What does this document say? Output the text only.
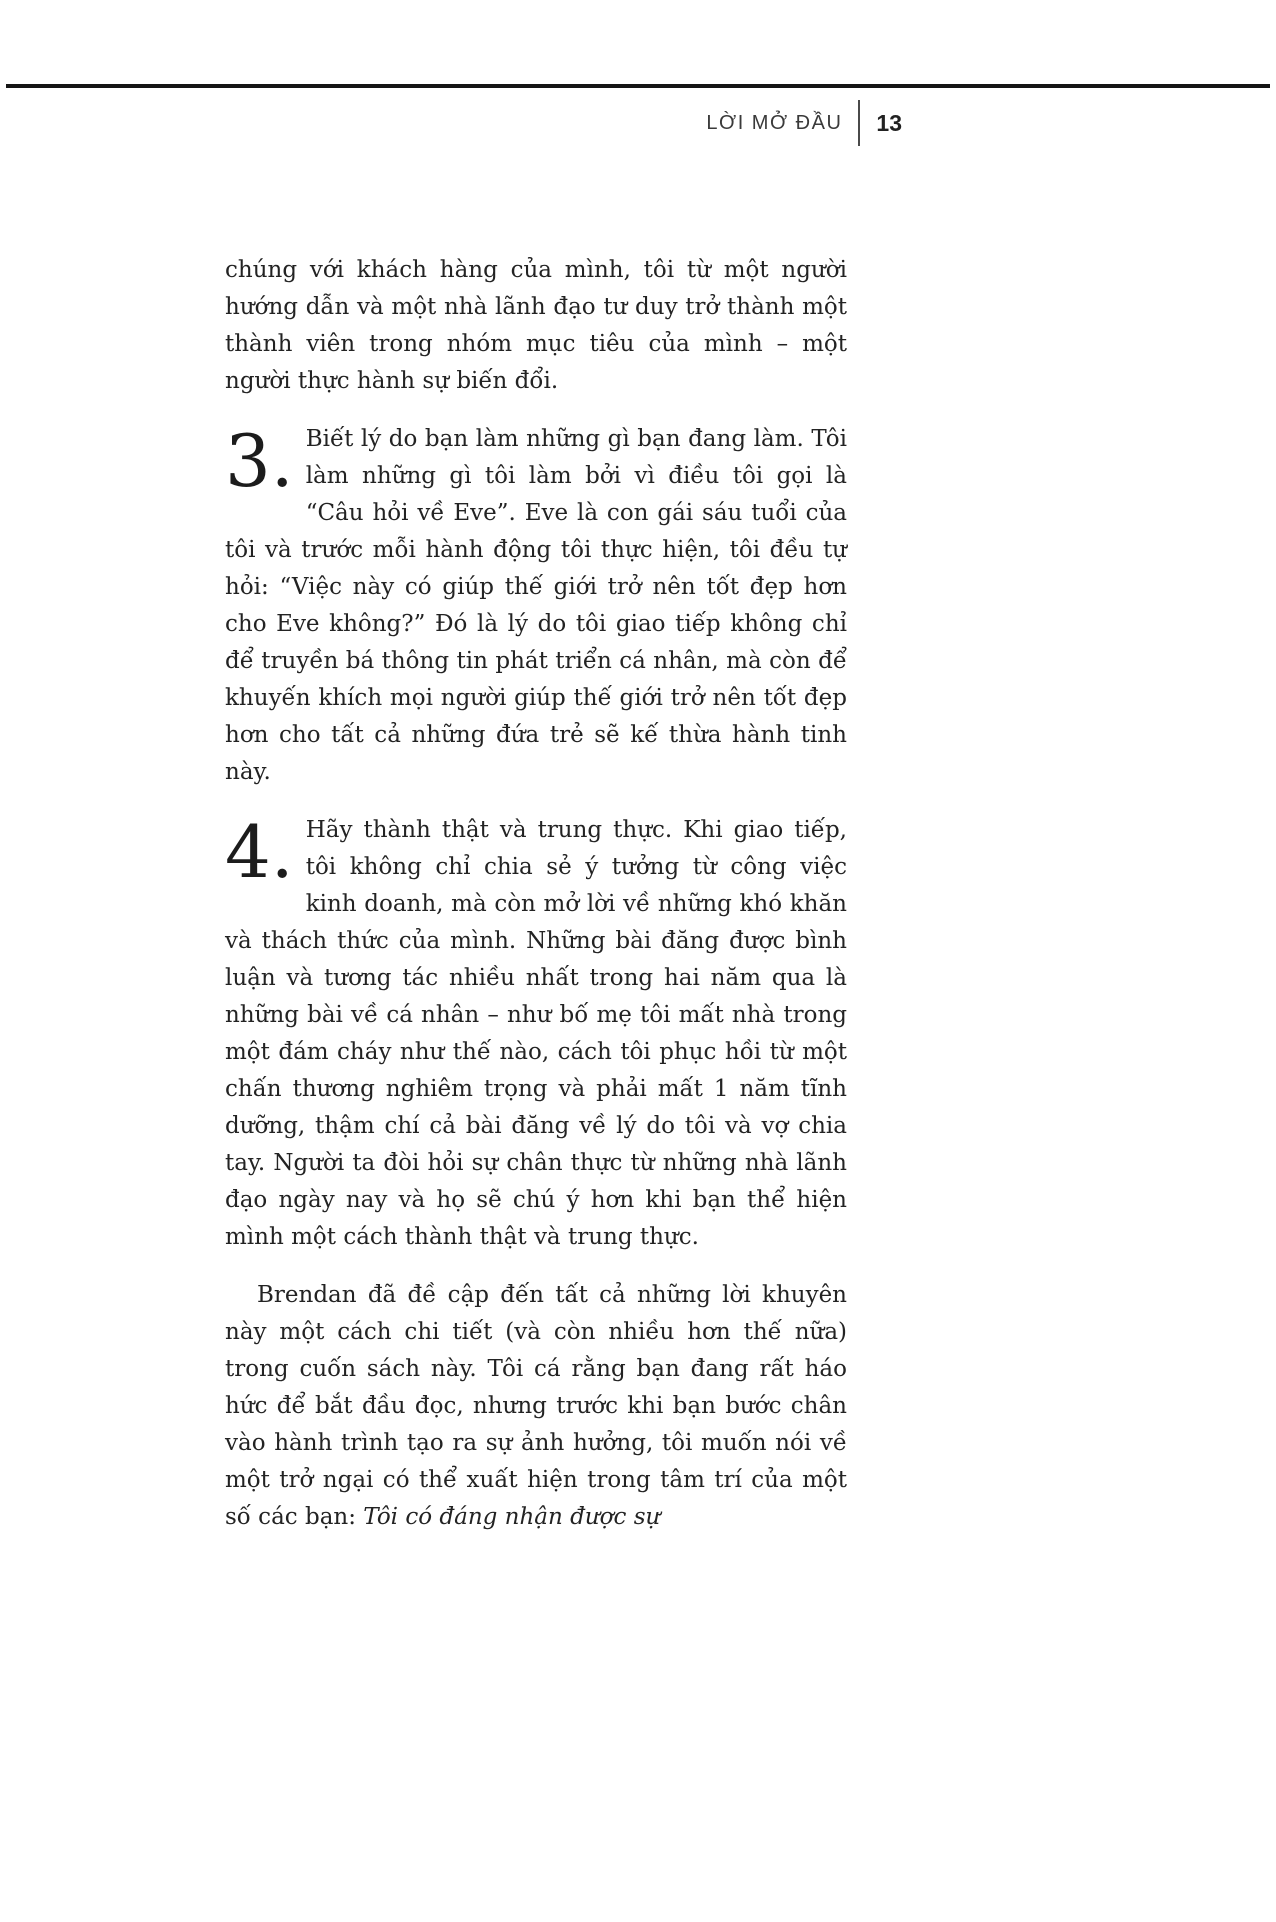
LỜI MỞ ĐẦU 13

chúng với khách hàng của mình, tôi từ một người hướng dẫn và một nhà lãnh đạo tư duy trở thành một thành viên trong nhóm mục tiêu của mình – một người thực hành sự biến đổi.

3. Biết lý do bạn làm những gì bạn đang làm. Tôi làm những gì tôi làm bởi vì điều tôi gọi là “Câu hỏi về Eve”. Eve là con gái sáu tuổi của tôi và trước mỗi hành động tôi thực hiện, tôi đều tự hỏi: “Việc này có giúp thế giới trở nên tốt đẹp hơn cho Eve không?” Đó là lý do tôi giao tiếp không chỉ để truyền bá thông tin phát triển cá nhân, mà còn để khuyến khích mọi người giúp thế giới trở nên tốt đẹp hơn cho tất cả những đứa trẻ sẽ kế thừa hành tinh này.

4. Hãy thành thật và trung thực. Khi giao tiếp, tôi không chỉ chia sẻ ý tưởng từ công việc kinh doanh, mà còn mở lời về những khó khăn và thách thức của mình. Những bài đăng được bình luận và tương tác nhiều nhất trong hai năm qua là những bài về cá nhân – như bố mẹ tôi mất nhà trong một đám cháy như thế nào, cách tôi phục hồi từ một chấn thương nghiêm trọng và phải mất 1 năm tĩnh dưỡng, thậm chí cả bài đăng về lý do tôi và vợ chia tay. Người ta đòi hỏi sự chân thực từ những nhà lãnh đạo ngày nay và họ sẽ chú ý hơn khi bạn thể hiện mình một cách thành thật và trung thực.

Brendan đã đề cập đến tất cả những lời khuyên này một cách chi tiết (và còn nhiều hơn thế nữa) trong cuốn sách này. Tôi cá rằng bạn đang rất háo hức để bắt đầu đọc, nhưng trước khi bạn bước chân vào hành trình tạo ra sự ảnh hưởng, tôi muốn nói về một trở ngại có thể xuất hiện trong tâm trí của một số các bạn: Tôi có đáng nhận được sự
